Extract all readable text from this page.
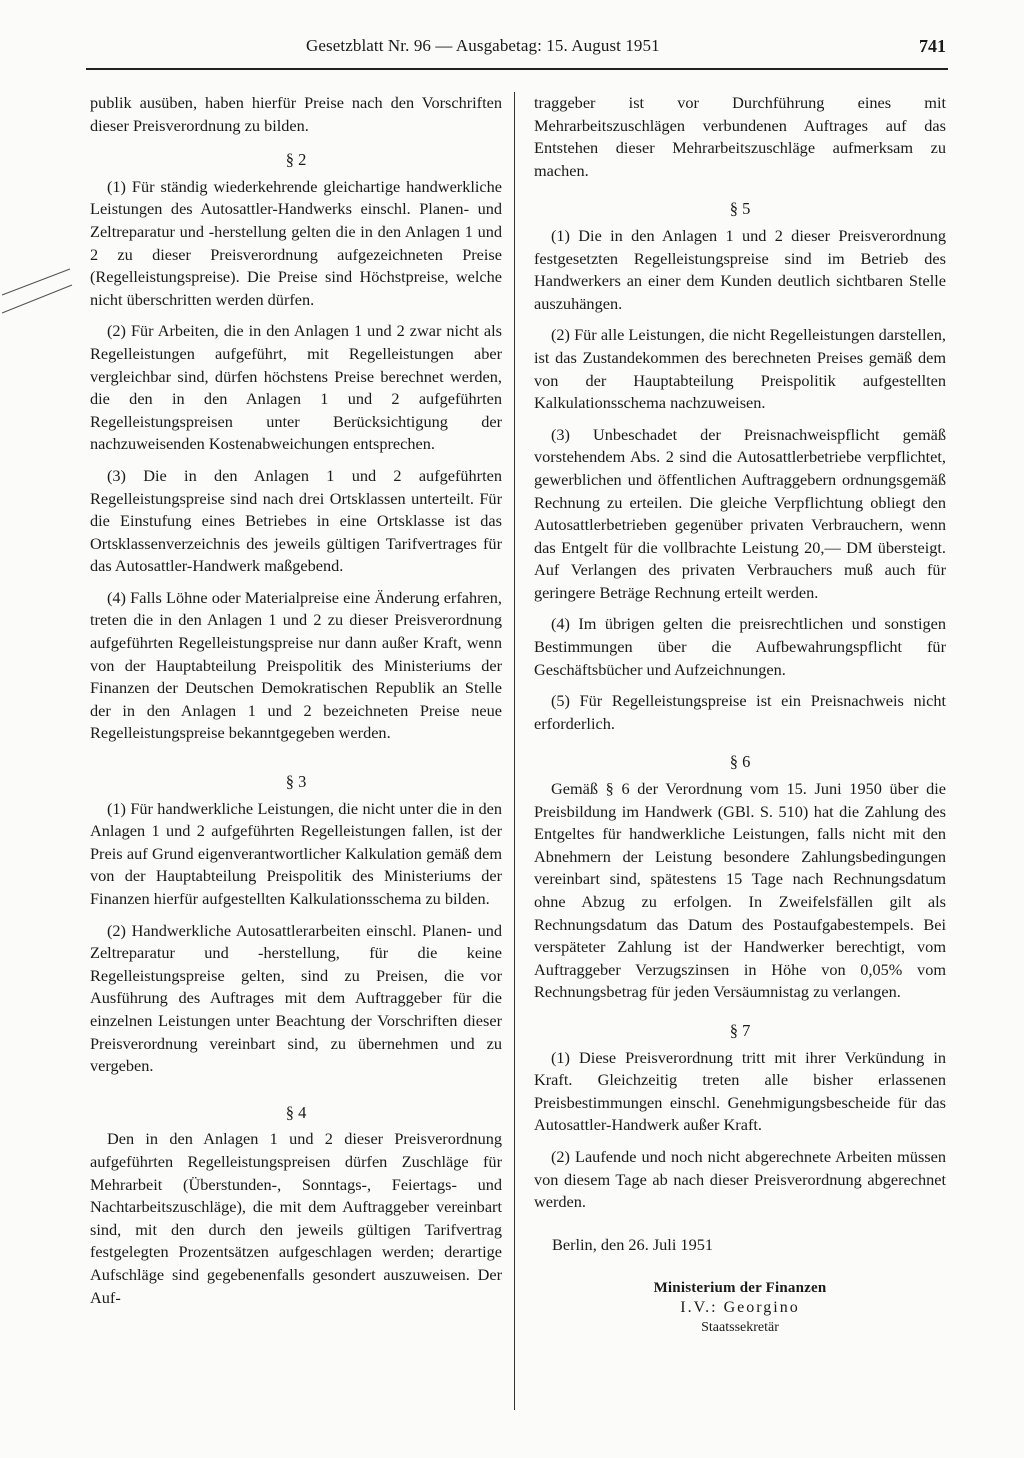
Gesetzblatt Nr. 96 — Ausgabetag: 15. August 1951	741

publik ausüben, haben hierfür Preise nach den Vorschriften dieser Preisverordnung zu bilden.

§ 2

(1) Für ständig wiederkehrende gleichartige handwerkliche Leistungen des Autosattler-Handwerks einschl. Planen- und Zeltreparatur und -herstellung gelten die in den Anlagen 1 und 2 zu dieser Preisverordnung aufgezeichneten Preise (Regelleistungspreise). Die Preise sind Höchstpreise, welche nicht überschritten werden dürfen.

(2) Für Arbeiten, die in den Anlagen 1 und 2 zwar nicht als Regelleistungen aufgeführt, mit Regelleistungen aber vergleichbar sind, dürfen höchstens Preise berechnet werden, die den in den Anlagen 1 und 2 aufgeführten Regelleistungspreisen unter Berücksichtigung der nachzuweisenden Kostenabweichungen entsprechen.

(3) Die in den Anlagen 1 und 2 aufgeführten Regelleistungspreise sind nach drei Ortsklassen unterteilt. Für die Einstufung eines Betriebes in eine Ortsklasse ist das Ortsklassenverzeichnis des jeweils gültigen Tarifvertrages für das Autosattler-Handwerk maßgebend.

(4) Falls Löhne oder Materialpreise eine Änderung erfahren, treten die in den Anlagen 1 und 2 zu dieser Preisverordnung aufgeführten Regelleistungspreise nur dann außer Kraft, wenn von der Hauptabteilung Preispolitik des Ministeriums der Finanzen der Deutschen Demokratischen Republik an Stelle der in den Anlagen 1 und 2 bezeichneten Preise neue Regelleistungspreise bekanntgegeben werden.

§ 3

(1) Für handwerkliche Leistungen, die nicht unter die in den Anlagen 1 und 2 aufgeführten Regelleistungen fallen, ist der Preis auf Grund eigenverantwortlicher Kalkulation gemäß dem von der Hauptabteilung Preispolitik des Ministeriums der Finanzen hierfür aufgestellten Kalkulationsschema zu bilden.

(2) Handwerkliche Autosattlerarbeiten einschl. Planen- und Zeltreparatur und -herstellung, für die keine Regelleistungspreise gelten, sind zu Preisen, die vor Ausführung des Auftrages mit dem Auftraggeber für die einzelnen Leistungen unter Beachtung der Vorschriften dieser Preisverordnung vereinbart sind, zu übernehmen und zu vergeben.

§ 4

Den in den Anlagen 1 und 2 dieser Preisverordnung aufgeführten Regelleistungspreisen dürfen Zuschläge für Mehrarbeit (Überstunden-, Sonntags-, Feiertags- und Nachtarbeitszuschläge), die mit dem Auftraggeber vereinbart sind, mit den durch den jeweils gültigen Tarifvertrag festgelegten Prozentsätzen aufgeschlagen werden; derartige Aufschläge sind gegebenenfalls gesondert auszuweisen. Der Auf-

traggeber ist vor Durchführung eines mit Mehrarbeitszuschlägen verbundenen Auftrages auf das Entstehen dieser Mehrarbeitszuschläge aufmerksam zu machen.

§ 5

(1) Die in den Anlagen 1 und 2 dieser Preisverordnung festgesetzten Regelleistungspreise sind im Betrieb des Handwerkers an einer dem Kunden deutlich sichtbaren Stelle auszuhängen.

(2) Für alle Leistungen, die nicht Regelleistungen darstellen, ist das Zustandekommen des berechneten Preises gemäß dem von der Hauptabteilung Preispolitik aufgestellten Kalkulationsschema nachzuweisen.

(3) Unbeschadet der Preisnachweispflicht gemäß vorstehendem Abs. 2 sind die Autosattlerbetriebe verpflichtet, gewerblichen und öffentlichen Auftraggebern ordnungsgemäß Rechnung zu erteilen. Die gleiche Verpflichtung obliegt den Autosattlerbetrieben gegenüber privaten Verbrauchern, wenn das Entgelt für die vollbrachte Leistung 20,— DM übersteigt. Auf Verlangen des privaten Verbrauchers muß auch für geringere Beträge Rechnung erteilt werden.

(4) Im übrigen gelten die preisrechtlichen und sonstigen Bestimmungen über die Aufbewahrungspflicht für Geschäftsbücher und Aufzeichnungen.

(5) Für Regelleistungspreise ist ein Preisnachweis nicht erforderlich.

§ 6

Gemäß § 6 der Verordnung vom 15. Juni 1950 über die Preisbildung im Handwerk (GBl. S. 510) hat die Zahlung des Entgeltes für handwerkliche Leistungen, falls nicht mit den Abnehmern der Leistung besondere Zahlungsbedingungen vereinbart sind, spätestens 15 Tage nach Rechnungsdatum ohne Abzug zu erfolgen. In Zweifelsfällen gilt als Rechnungsdatum das Datum des Postaufgabestempels. Bei verspäteter Zahlung ist der Handwerker berechtigt, vom Auftraggeber Verzugszinsen in Höhe von 0,05% vom Rechnungsbetrag für jeden Versäumnistag zu verlangen.

§ 7

(1) Diese Preisverordnung tritt mit ihrer Verkündung in Kraft. Gleichzeitig treten alle bisher erlassenen Preisbestimmungen einschl. Genehmigungsbescheide für das Autosattler-Handwerk außer Kraft.

(2) Laufende und noch nicht abgerechnete Arbeiten müssen von diesem Tage ab nach dieser Preisverordnung abgerechnet werden.

Berlin, den 26. Juli 1951
Ministerium der Finanzen
I.V.: Georgino
Staatssekretär
